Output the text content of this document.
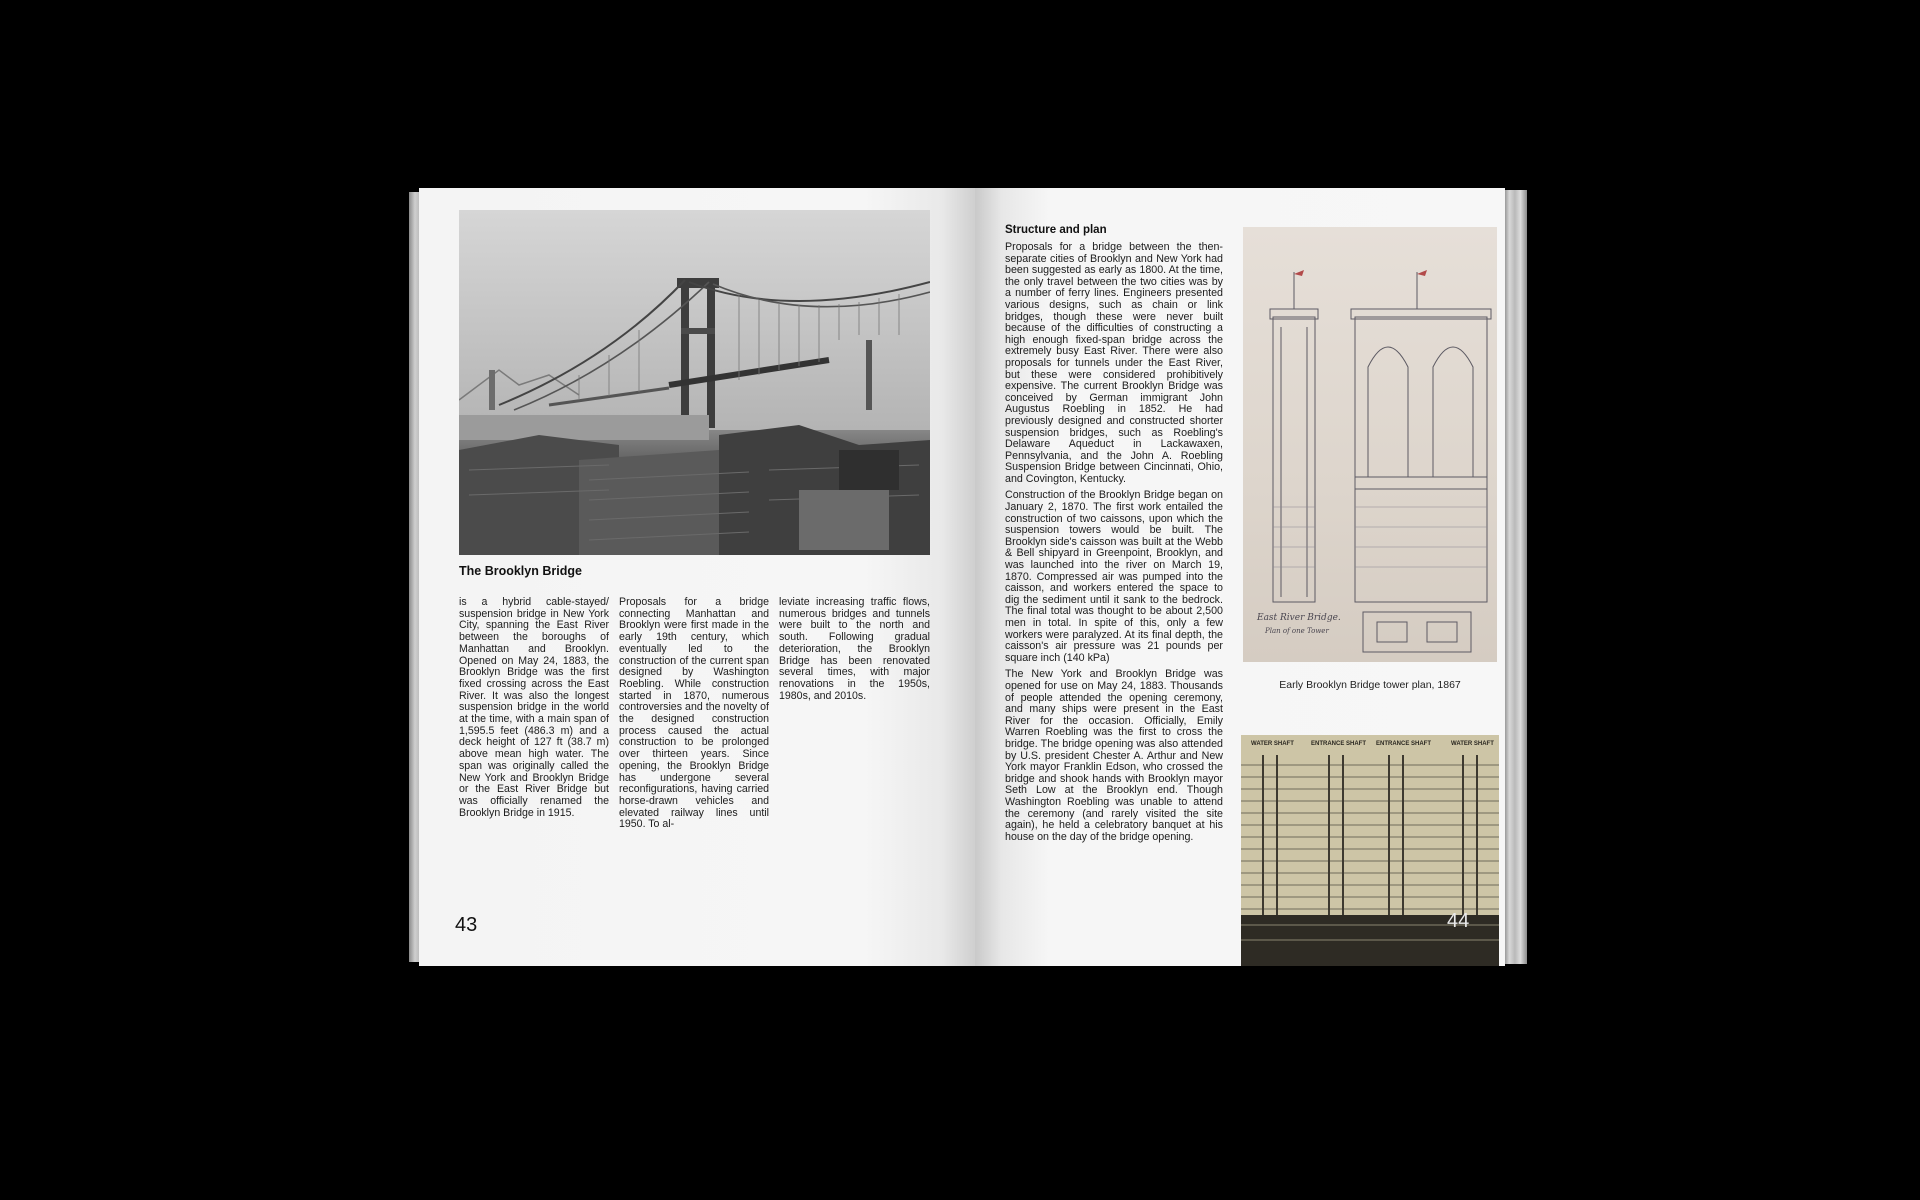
The Brooklyn Bridge
is a hybrid cable-stayed/ suspension bridge in New York City, spanning the East River between the boroughs of Manhattan and Brooklyn. Opened on May 24, 1883, the Brooklyn Bridge was the first fixed crossing across the East River. It was also the longest suspension bridge in the world at the time, with a main span of 1,595.5 feet (486.3 m) and a deck height of 127 ft (38.7 m) above mean high water. The span was originally called the New York and Brooklyn Bridge or the East River Bridge but was officially renamed the Brooklyn Bridge in 1915.
Proposals for a bridge connecting Manhattan and Brooklyn were first made in the early 19th century, which eventually led to the construction of the current span designed by Washington Roebling. While construction started in 1870, numerous controversies and the novelty of the designed construction process caused the actual construction to be prolonged over thirteen years. Since opening, the Brooklyn Bridge has undergone several reconfigurations, having carried horse-drawn vehicles and elevated railway lines until 1950. To al-
leviate increasing traffic flows, numerous bridges and tunnels were built to the north and south. Following gradual deterioration, the Brooklyn Bridge has been renovated several times, with major renovations in the 1950s, 1980s, and 2010s.
43
Structure and plan

Proposals for a bridge between the then-separate cities of Brooklyn and New York had been suggested as early as 1800. At the time, the only travel between the two cities was by a number of ferry lines. Engineers presented various designs, such as chain or link bridges, though these were never built because of the difficulties of constructing a high enough fixed-span bridge across the extremely busy East River. There were also proposals for tunnels under the East River, but these were considered prohibitively expensive. The current Brooklyn Bridge was conceived by German immigrant John Augustus Roebling in 1852. He had previously designed and constructed shorter suspension bridges, such as Roebling's Delaware Aqueduct in Lackawaxen, Pennsylvania, and the John A. Roebling Suspension Bridge between Cincinnati, Ohio, and Covington, Kentucky.

Construction of the Brooklyn Bridge began on January 2, 1870. The first work entailed the construction of two caissons, upon which the suspension towers would be built. The Brooklyn side's caisson was built at the Webb & Bell shipyard in Greenpoint, Brooklyn, and was launched into the river on March 19, 1870. Compressed air was pumped into the caisson, and workers entered the space to dig the sediment until it sank to the bedrock. The final total was thought to be about 2,500 men in total. In spite of this, only a few workers were paralyzed. At its final depth, the caisson's air pressure was 21 pounds per square inch (140 kPa)

The New York and Brooklyn Bridge was opened for use on May 24, 1883. Thousands of people attended the opening ceremony, and many ships were present in the East River for the occasion. Officially, Emily Warren Roebling was the first to cross the bridge. The bridge opening was also attended by U.S. president Chester A. Arthur and New York mayor Franklin Edson, who crossed the bridge and shook hands with Brooklyn mayor Seth Low at the Brooklyn end. Though Washington Roebling was unable to attend the ceremony (and rarely visited the site again), he held a celebratory banquet at his house on the day of the bridge opening.

East River Bridge.
Plan of one Tower
Early Brooklyn Bridge tower plan, 1867
WATER SHAFT	ENTRANCE SHAFT ENTRANCE SHAFT	WATER SHAFT
44
